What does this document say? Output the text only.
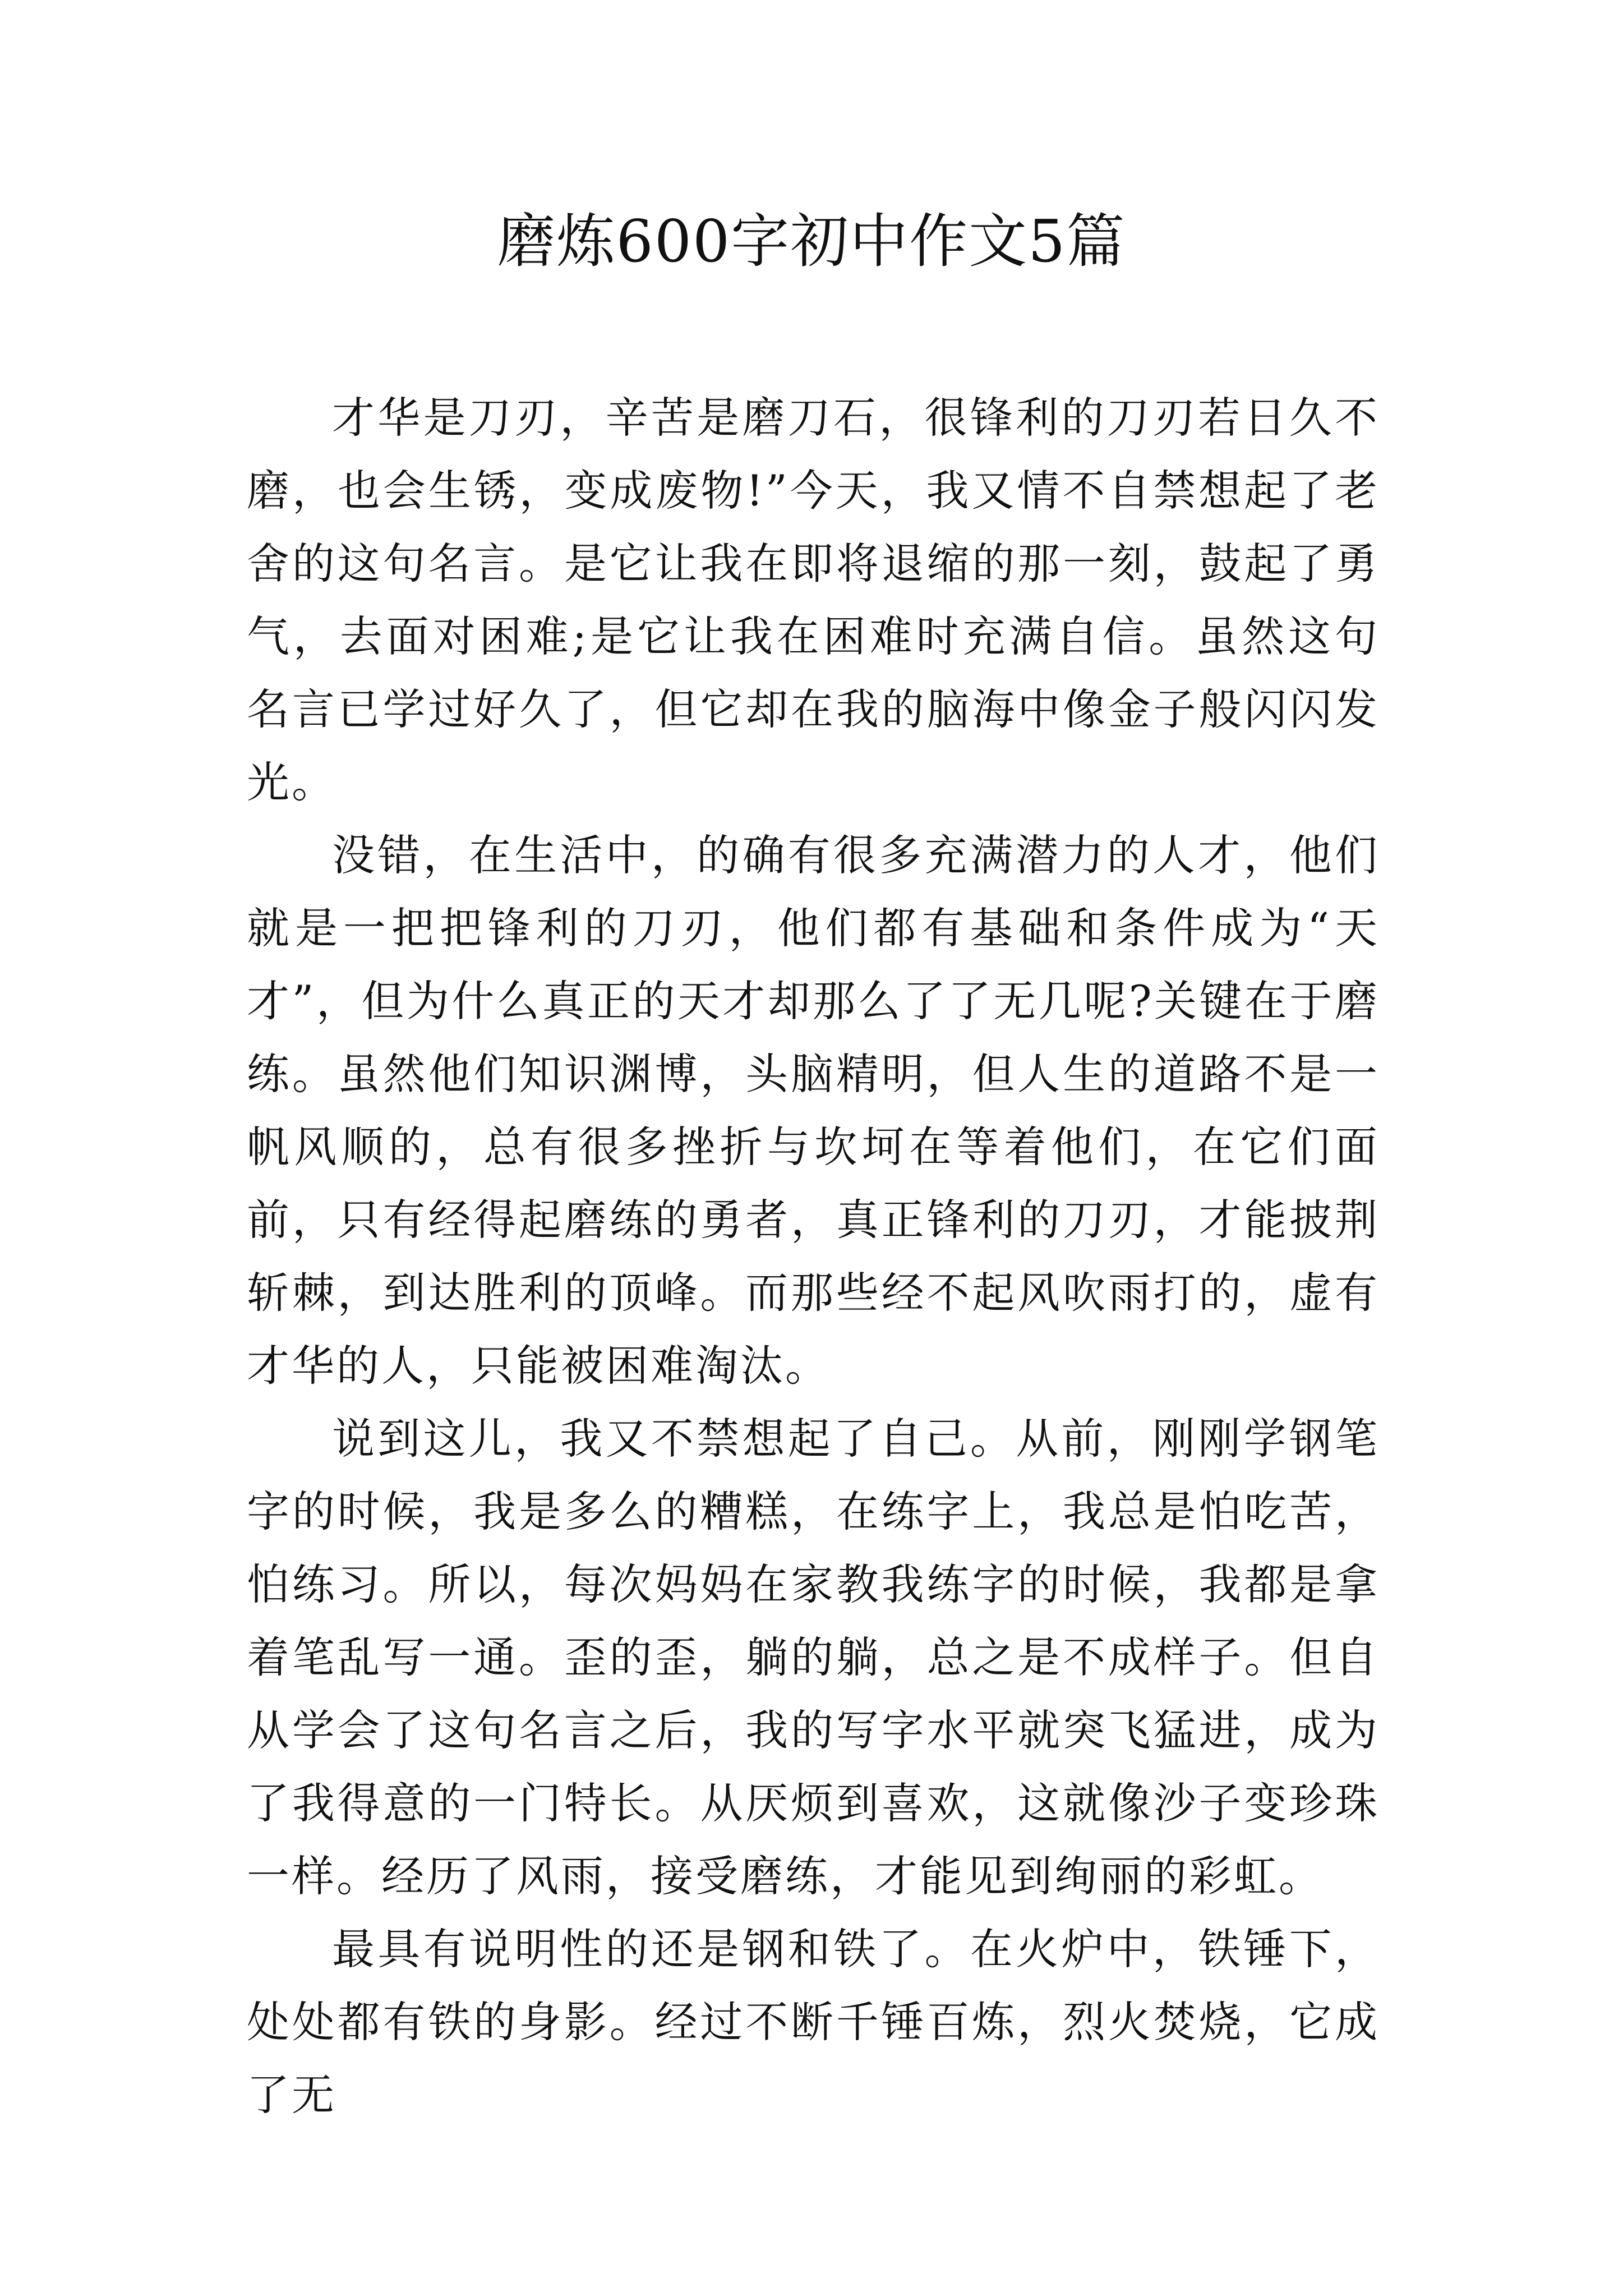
磨炼600字初中作文5篇

才华是刀刃，辛苦是磨刀石，很锋利的刀刃若日久不磨，也会生锈，变成废物!”今天，我又情不自禁想起了老舍的这句名言。是它让我在即将退缩的那一刻，鼓起了勇气，去面对困难;是它让我在困难时充满自信。虽然这句名言已学过好久了，但它却在我的脑海中像金子般闪闪发光。

没错，在生活中，的确有很多充满潜力的人才，他们就是一把把锋利的刀刃，他们都有基础和条件成为“天才”，但为什么真正的天才却那么了了无几呢?关键在于磨练。虽然他们知识渊博，头脑精明，但人生的道路不是一帆风顺的，总有很多挫折与坎坷在等着他们，在它们面前，只有经得起磨练的勇者，真正锋利的刀刃，才能披荆斩棘，到达胜利的顶峰。而那些经不起风吹雨打的，虚有才华的人，只能被困难淘汰。

说到这儿，我又不禁想起了自己。从前，刚刚学钢笔字的时候，我是多么的糟糕，在练字上，我总是怕吃苦，怕练习。所以，每次妈妈在家教我练字的时候，我都是拿着笔乱写一通。歪的歪，躺的躺，总之是不成样子。但自从学会了这句名言之后，我的写字水平就突飞猛进，成为了我得意的一门特长。从厌烦到喜欢，这就像沙子变珍珠一样。经历了风雨，接受磨练，才能见到绚丽的彩虹。

最具有说明性的还是钢和铁了。在火炉中，铁锤下，处处都有铁的身影。经过不断千锤百炼，烈火焚烧，它成了无
